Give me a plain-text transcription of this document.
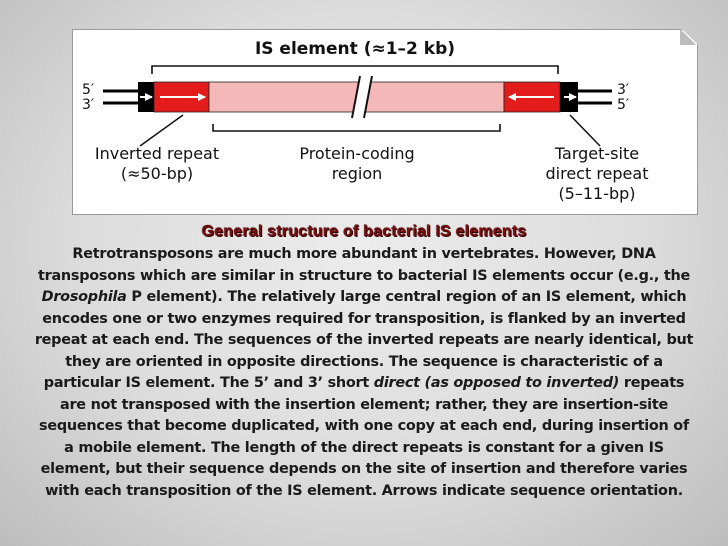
IS element (≈1–2 kb)
5′
3′
3′
5′
Inverted repeat
(≈50-bp)
Protein-coding
region
Target-site
direct repeat
(5–11-bp)
General structure of bacterial IS elements
Retrotransposons are much more abundant in vertebrates. However, DNA transposons which are similar in structure to bacterial IS elements occur (e.g., the Drosophila P element). The relatively large central region of an IS element, which encodes one or two enzymes required for transposition, is flanked by an inverted repeat at each end. The sequences of the inverted repeats are nearly identical, but they are oriented in opposite directions. The sequence is characteristic of a particular IS element. The 5’ and 3’ short direct (as opposed to inverted) repeats are not transposed with the insertion element; rather, they are insertion-site sequences that become duplicated, with one copy at each end, during insertion of a mobile element. The length of the direct repeats is constant for a given IS element, but their sequence depends on the site of insertion and therefore varies with each transposition of the IS element. Arrows indicate sequence orientation.
